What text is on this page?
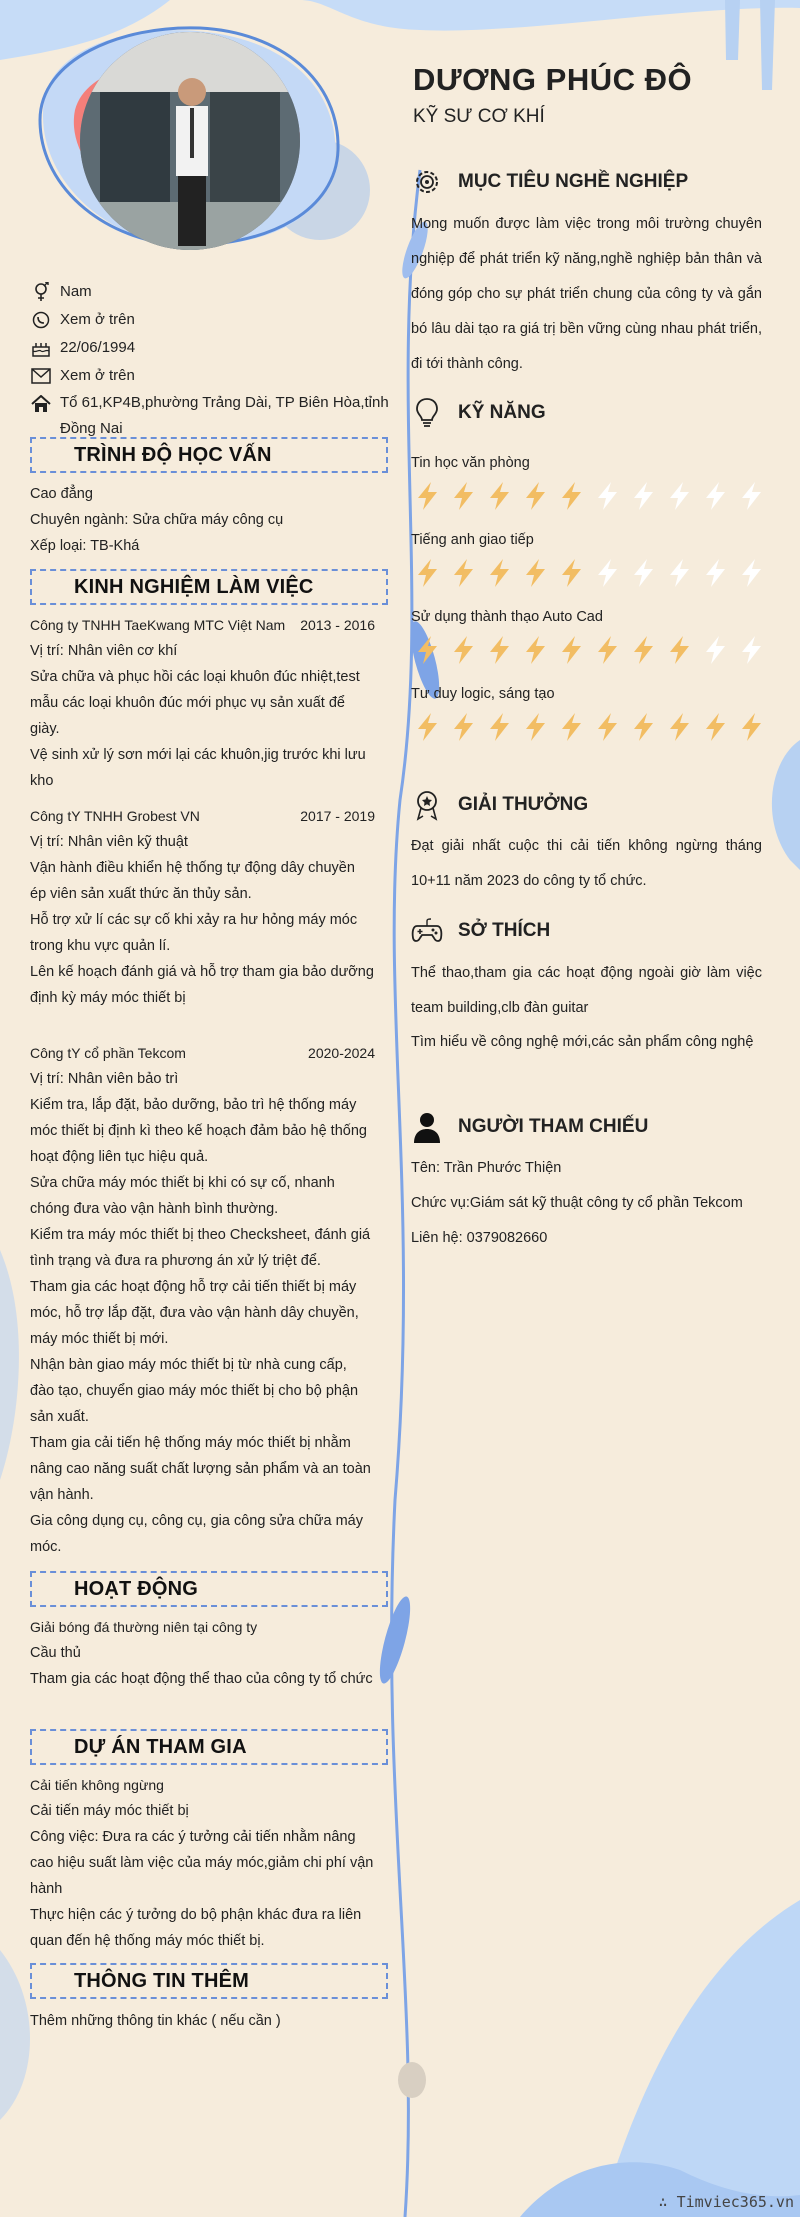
Nam
Xem ở trên
22/06/1994
Xem ở trên
Tổ 61,KP4B,phường Trảng Dài, TP Biên Hòa,tỉnh Đồng Nai
TRÌNH ĐỘ HỌC VẤN
Cao đẳng
Chuyên ngành: Sửa chữa máy công cụ
Xếp loại: TB-Khá
KINH NGHIỆM LÀM VIỆC
Công ty TNHH TaeKwang MTC Việt Nam 2013 - 2016
Vị trí: Nhân viên cơ khí
Sửa chữa và phục hồi các loại khuôn đúc nhiệt,test mẫu các loại khuôn đúc mới phục vụ sản xuất để giày.
Vệ sinh xử lý sơn mới lại các khuôn,jig trước khi lưu kho
Công tY TNHH Grobest VN	2017 - 2019
Vị trí: Nhân viên kỹ thuật
Vận hành điều khiển hệ thống tự động dây chuyền ép viên sản xuất thức ăn thủy sản.
Hỗ trợ xử lí các sự cố khi xảy ra hư hỏng máy móc trong khu vực quản lí.
Lên kế hoạch đánh giá và hỗ trợ tham gia bảo dưỡng định kỳ máy móc thiết bị
Công tY cổ phần Tekcom	2020-2024
Vị trí: Nhân viên bảo trì
Kiểm tra, lắp đặt, bảo dưỡng, bảo trì hệ thống máy móc thiết bị định kì theo kế hoạch đảm bảo hệ thống hoạt động liên tục hiệu quả.
Sửa chữa máy móc thiết bị khi có sự cố, nhanh chóng đưa vào vận hành bình thường.
Kiểm tra máy móc thiết bị theo Checksheet, đánh giá tình trạng và đưa ra phương án xử lý triệt để.
Tham gia các hoạt động hỗ trợ cải tiến thiết bị máy móc, hỗ trợ lắp đặt, đưa vào vận hành dây chuyền, máy móc thiết bị mới.
Nhận bàn giao máy móc thiết bị từ nhà cung cấp, đào tạo, chuyển giao máy móc thiết bị cho bộ phận sản xuất.
Tham gia cải tiến hệ thống máy móc thiết bị nhằm nâng cao năng suất chất lượng sản phẩm và an toàn vận hành.
Gia công dụng cụ, công cụ, gia công sửa chữa máy móc.
HOẠT ĐỘNG
Giải bóng đá thường niên tại công ty
Cầu thủ
Tham gia các hoạt động thể thao của công ty tổ chức
DỰ ÁN THAM GIA
Cải tiến không ngừng
Cải tiến máy móc thiết bị
Công việc: Đưa ra các ý tưởng cải tiến nhằm nâng cao hiệu suất làm việc của máy móc,giảm chi phí vận hành
Thực hiện các ý tưởng do bộ phận khác đưa ra liên quan đến hệ thống máy móc thiết bị.
THÔNG TIN THÊM
Thêm những thông tin khác ( nếu cần )
DƯƠNG PHÚC ĐÔ
KỸ SƯ CƠ KHÍ
MỤC TIÊU NGHỀ NGHIỆP
Mong muốn được làm việc trong môi trường chuyên nghiệp để phát triển kỹ năng,nghề nghiệp bản thân và đóng góp cho sự phát triển chung của công ty và gắn bó lâu dài tạo ra giá trị bền vững cùng nhau phát triển, đi tới thành công.
KỸ NĂNG
Tin học văn phòng
Tiếng anh giao tiếp
Sử dụng thành thạo Auto Cad
Tư duy logic, sáng tạo
GIẢI THƯỞNG
Đạt giải nhất cuộc thi cải tiến không ngừng tháng 10+11 năm 2023 do công ty tổ chức.
SỞ THÍCH
Thể thao,tham gia các hoạt động ngoài giờ làm việc team building,clb đàn guitar
Tìm hiểu về công nghệ mới,các sản phẩm công nghệ
NGƯỜI THAM CHIẾU
Tên: Trần Phước Thiện
Chức vụ:Giám sát kỹ thuật công ty cổ phần Tekcom
Liên hệ: 0379082660
∴ Timviec365.vn
